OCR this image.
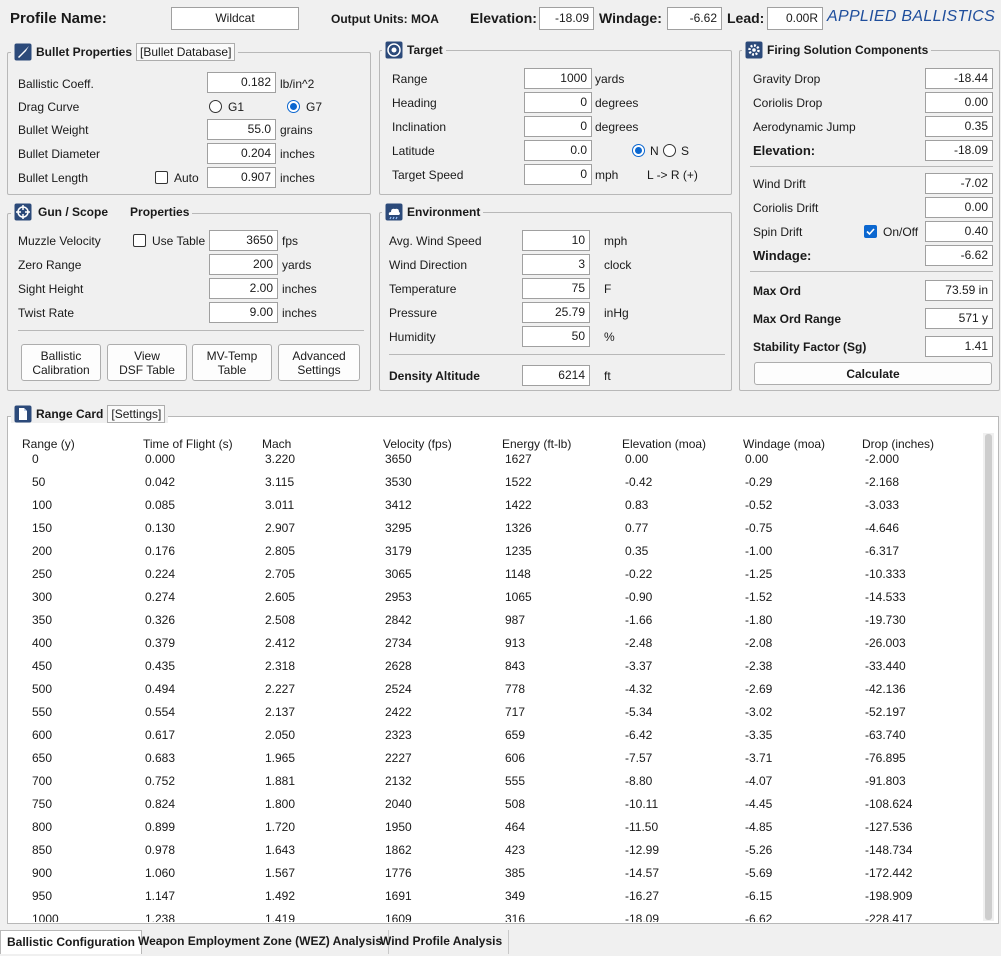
Profile Name:	Wildcat	Output Units: MOA Elevation:	-18.09 Windage:	-6.62 Lead:	0.00R APPLIED BALLISTICS
Bullet Properties [Bullet Database]
Ballistic Coeff.	0.182 lb/in^2
Drag Curve	G1	G7
Bullet Weight	55.0 grains
Bullet Diameter	0.204 inches
Bullet Length	Auto	0.907 inches
Gun / Scope Properties
Muzzle Velocity	Use Table	3650 fps
Zero Range	200 yards
Sight Height	2.00 inches
Twist Rate	9.00 inches
Ballistic
Calibration
View
DSF Table
MV-Temp
Table
Advanced
Settings
Target
Range	1000 yards
Heading	0 degrees
Inclination	0 degrees
Latitude	0.0	N S
Target Speed	0 mph L -> R (+)
Environment
Avg. Wind Speed	10	mph
Wind Direction	3	clock
Temperature	75	F
Pressure	25.79	inHg
Humidity	50	%
Density Altitude	6214	ft
Firing Solution Components
Gravity Drop	-18.44
Coriolis Drop	0.00
Aerodynamic Jump	0.35
Elevation:	-18.09
Wind Drift	-7.02
Coriolis Drift	0.00
Spin Drift	On/Off	0.40
Windage:	-6.62
Max Ord	73.59 in
Max Ord Range	571 y
Stability Factor (Sg)	1.41
Calculate
Range Card [Settings]
Range (y)	Time of Flight (s) Mach	Velocity (fps)	Energy (ft-lb)	Elevation (moa)	Windage (moa)	Drop (inches)
0	0.000	3.220	3650	1627	0.00	0.00	-2.000
50	0.042	3.115	3530	1522	-0.42	-0.29	-2.168
100	0.085	3.011	3412	1422	0.83	-0.52	-3.033
150	0.130	2.907	3295	1326	0.77	-0.75	-4.646
200	0.176	2.805	3179	1235	0.35	-1.00	-6.317
250	0.224	2.705	3065	1148	-0.22	-1.25	-10.333
300	0.274	2.605	2953	1065	-0.90	-1.52	-14.533
350	0.326	2.508	2842	987	-1.66	-1.80	-19.730
400	0.379	2.412	2734	913	-2.48	-2.08	-26.003
450	0.435	2.318	2628	843	-3.37	-2.38	-33.440
500	0.494	2.227	2524	778	-4.32	-2.69	-42.136
550	0.554	2.137	2422	717	-5.34	-3.02	-52.197
600	0.617	2.050	2323	659	-6.42	-3.35	-63.740
650	0.683	1.965	2227	606	-7.57	-3.71	-76.895
700	0.752	1.881	2132	555	-8.80	-4.07	-91.803
750	0.824	1.800	2040	508	-10.11	-4.45	-108.624
800	0.899	1.720	1950	464	-11.50	-4.85	-127.536
850	0.978	1.643	1862	423	-12.99	-5.26	-148.734
900	1.060	1.567	1776	385	-14.57	-5.69	-172.442
950	1.147	1.492	1691	349	-16.27	-6.15	-198.909
1000	1.238	1.419	1609	316	-18.09	-6.62	-228.417
Ballistic Configuration Weapon Employment Zone (WEZ) Analysis
Wind Profile Analysis
